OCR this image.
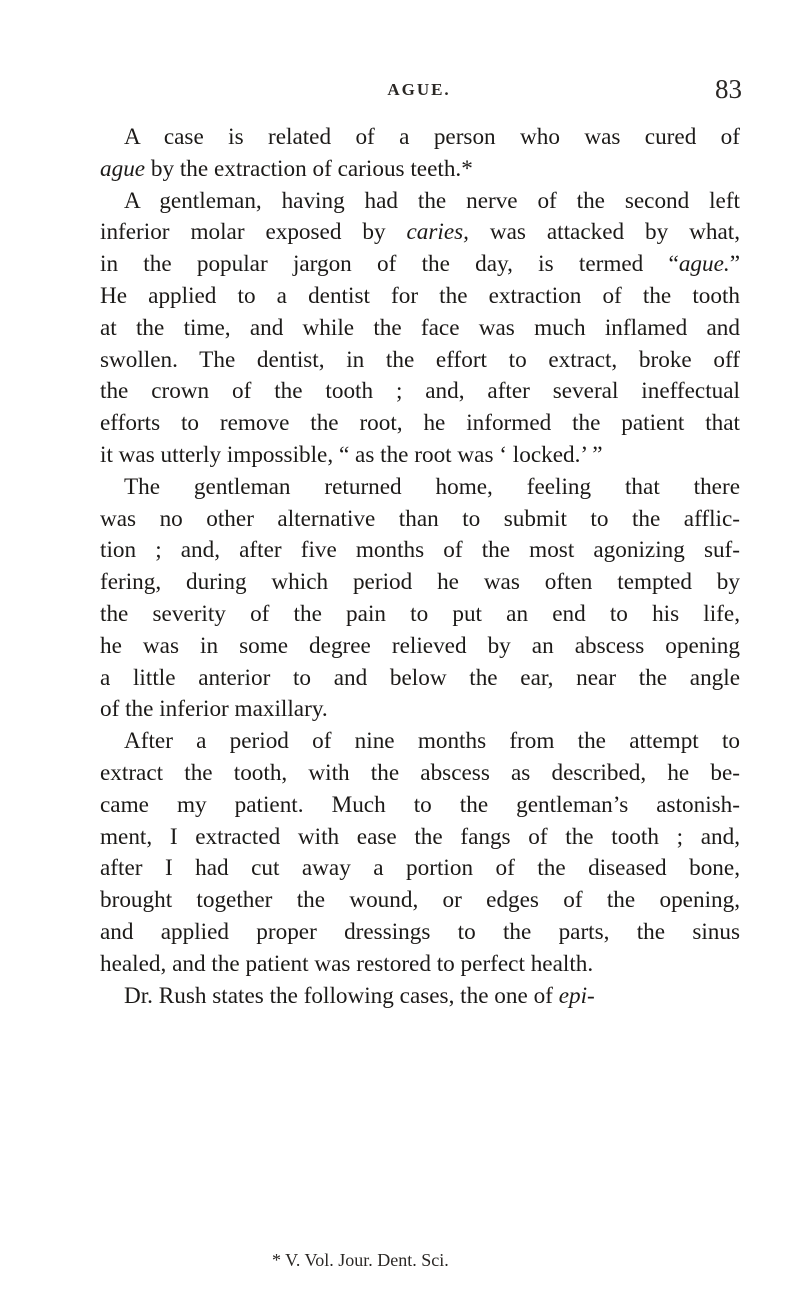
AGUE.	83
A case is related of a person who was cured of
ague by the extraction of carious teeth.*
A gentleman, having had the nerve of the second left
inferior molar exposed by caries, was attacked by what,
in the popular jargon of the day, is termed “ague.”
He applied to a dentist for the extraction of the tooth
at the time, and while the face was much inflamed and
swollen. The dentist, in the effort to extract, broke off
the crown of the tooth ; and, after several ineffectual
efforts to remove the root, he informed the patient that
it was utterly impossible, “ as the root was ‘ locked.’ ”
The gentleman returned home, feeling that there
was no other alternative than to submit to the afflic-
tion ; and, after five months of the most agonizing suf-
fering, during which period he was often tempted by
the severity of the pain to put an end to his life,
he was in some degree relieved by an abscess opening
a little anterior to and below the ear, near the angle
of the inferior maxillary.
After a period of nine months from the attempt to
extract the tooth, with the abscess as described, he be-
came my patient. Much to the gentleman’s astonish-
ment, I extracted with ease the fangs of the tooth ; and,
after I had cut away a portion of the diseased bone,
brought together the wound, or edges of the opening,
and applied proper dressings to the parts, the sinus
healed, and the patient was restored to perfect health.
Dr. Rush states the following cases, the one of epi-
* V. Vol. Jour. Dent. Sci.
